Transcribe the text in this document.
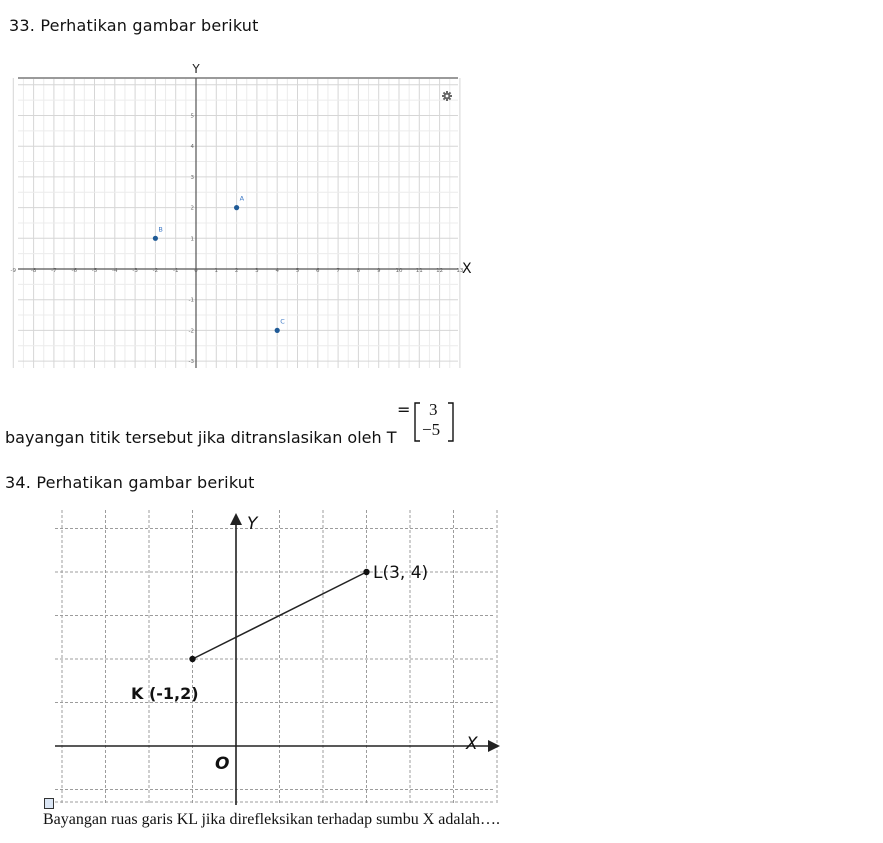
33. Perhatikan gambar berikut
Y
X
-9	-8	-7	-6	-5	-4	-3	-2	-1	0	1	2	3	4	5	6	7	8	9	10 11 12 13
-3
-2
-1
1
2
3
4
5
A
B
C
bayangan titik tersebut jika ditranslasikan oleh T
= 3
−5
34. Perhatikan gambar berikut
Y
X
O
K (-1,2)
L(3, 4)
Bayangan ruas garis KL jika direfleksikan terhadap sumbu X adalah….
